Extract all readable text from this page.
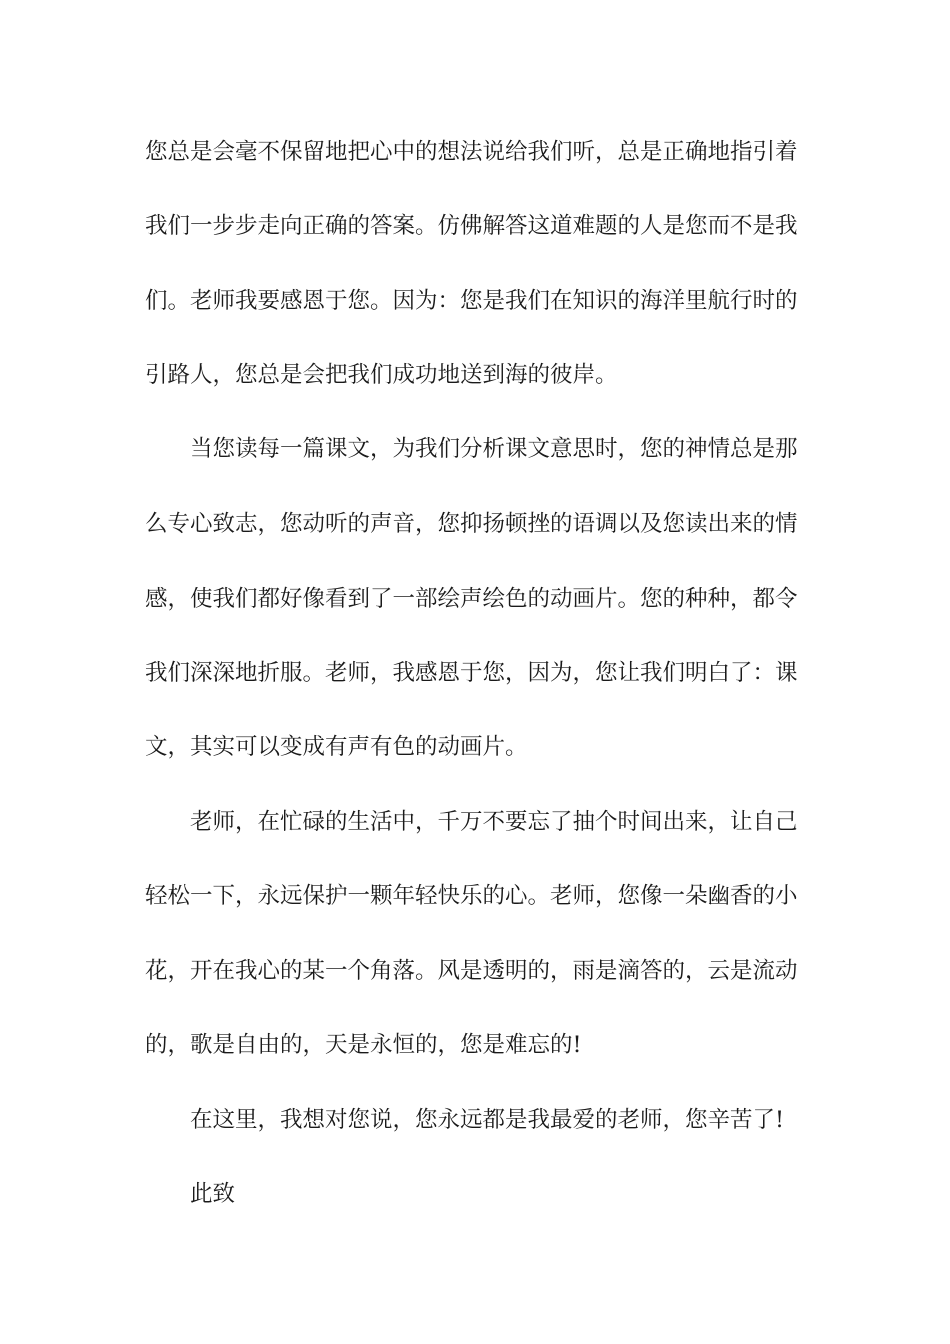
您总是会毫不保留地把心中的想法说给我们听，总是正确地指引着

我们一步步走向正确的答案。仿佛解答这道难题的人是您而不是我

们。老师我要感恩于您。因为：您是我们在知识的海洋里航行时的

引路人，您总是会把我们成功地送到海的彼岸。

当您读每一篇课文，为我们分析课文意思时，您的神情总是那

么专心致志，您动听的声音，您抑扬顿挫的语调以及您读出来的情

感，使我们都好像看到了一部绘声绘色的动画片。您的种种，都令

我们深深地折服。老师，我感恩于您，因为，您让我们明白了：课

文，其实可以变成有声有色的动画片。

老师，在忙碌的生活中，千万不要忘了抽个时间出来，让自己

轻松一下，永远保护一颗年轻快乐的心。老师，您像一朵幽香的小

花，开在我心的某一个角落。风是透明的，雨是滴答的，云是流动

的，歌是自由的，天是永恒的，您是难忘的!

在这里，我想对您说，您永远都是我最爱的老师，您辛苦了!

此致
